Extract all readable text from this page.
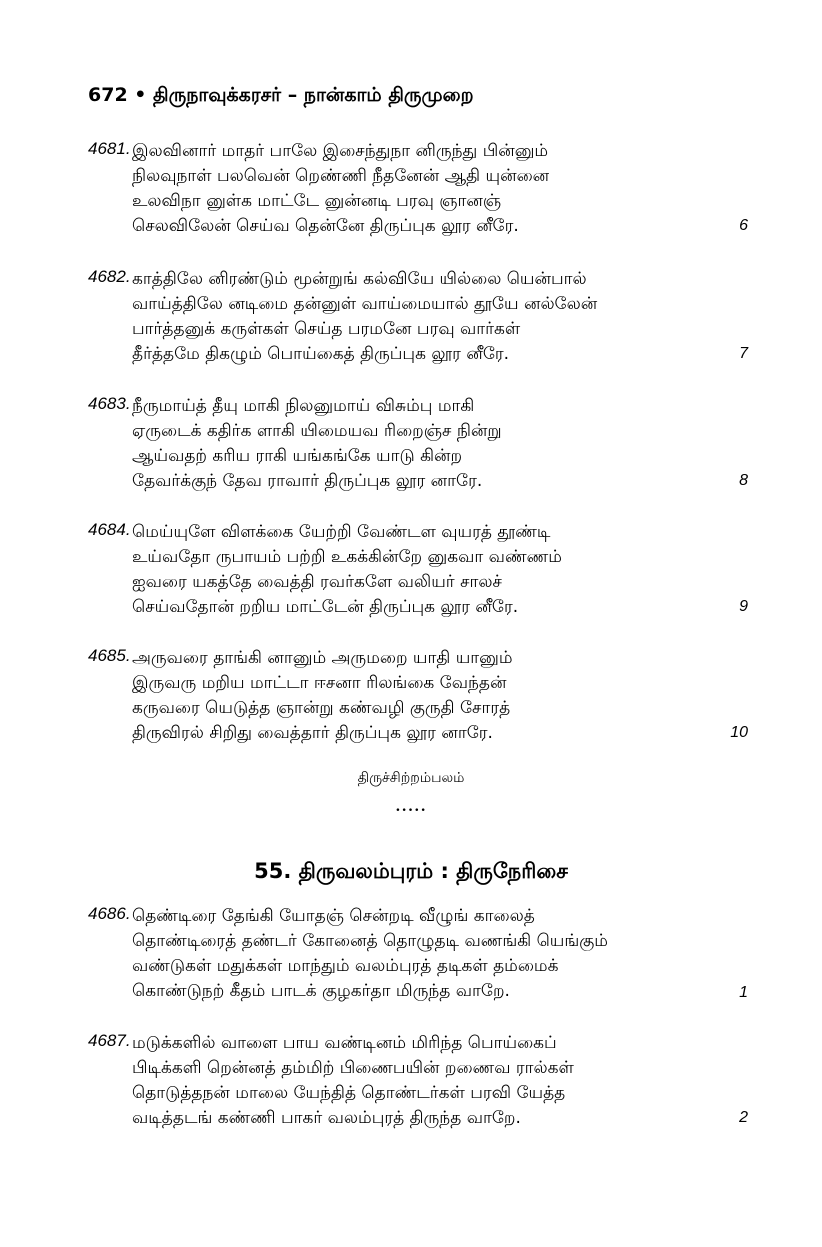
672 • திருநாவுக்கரசர் – நான்காம் திருமுறை
4681. இலவினார் மாதர் பாலே இசைந்துநா னிருந்து பின்னும்
நிலவுநாள் பலவென் றெண்ணி நீதனேன் ஆதி யுன்னை
உலவிநா னுள்க மாட்டே னுன்னடி பரவு ஞானஞ்
செலவிலேன் செய்வ தென்னே திருப்புக லூர னீரே.	6
4682. காத்திலே னிரண்டும் மூன்றுங் கல்வியே யில்லை யென்பால்
வாய்த்திலே னடிமை தன்னுள் வாய்மையால் தூயே னல்லேன்
பார்த்தனுக் கருள்கள் செய்த பரமனே பரவு வார்கள்
தீர்த்தமே திகழும் பொய்கைத் திருப்புக லூர னீரே.	7
4683. நீருமாய்த் தீயு மாகி நிலனுமாய் விசும்பு மாகி
ஏருடைக் கதிர்க ளாகி யிமையவ ரிறைஞ்ச நின்று
ஆய்வதற் கரிய ராகி யங்கங்கே யாடு கின்ற
தேவர்க்குந் தேவ ராவார் திருப்புக லூர னாரே.	8
4684. மெய்யுளே விளக்கை யேற்றி வேண்டள வுயரத் தூண்டி
உய்வதோ ருபாயம் பற்றி உகக்கின்றே னுகவா வண்ணம்
ஐவரை யகத்தே வைத்தி ரவர்களே வலியர் சாலச்
செய்வதோன் றறிய மாட்டேன் திருப்புக லூர னீரே.	9
4685. அருவரை தாங்கி னானும் அருமறை யாதி யானும்
இருவரு மறிய மாட்டா ஈசனா ரிலங்கை வேந்தன்
கருவரை யெடுத்த ஞான்று கண்வழி குருதி சோரத்
திருவிரல் சிறிது வைத்தார் திருப்புக லூர னாரே.	10
திருச்சிற்றம்பலம்
•••••
55. திருவலம்புரம் : திருநேரிசை
4686. தெண்டிரை தேங்கி யோதஞ் சென்றடி வீழுங் காலைத்
தொண்டிரைத் தண்டர் கோனைத் தொழுதடி வணங்கி யெங்கும்
வண்டுகள் மதுக்கள் மாந்தும் வலம்புரத் தடிகள் தம்மைக்
கொண்டுநற் கீதம் பாடக் குழகர்தா மிருந்த வாறே.	1
4687. மடுக்களில் வாளை பாய வண்டினம் மிரிந்த பொய்கைப்
பிடிக்களி றென்னத் தம்மிற் பிணைபயின் றணைவ ரால்கள்
தொடுத்தநன் மாலை யேந்தித் தொண்டர்கள் பரவி யேத்த
வடித்தடங் கண்ணி பாகர் வலம்புரத் திருந்த வாறே.	2
